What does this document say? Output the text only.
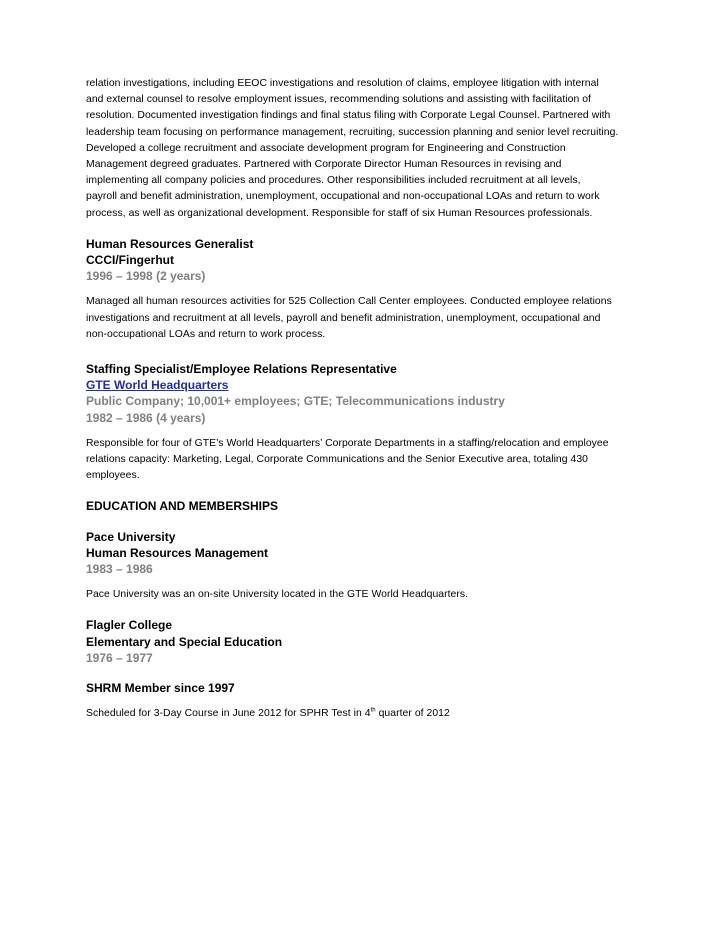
relation investigations, including EEOC investigations and resolution of claims, employee litigation with internal
and external counsel to resolve employment issues, recommending solutions and assisting with facilitation of
resolution. Documented investigation findings and final status filing with Corporate Legal Counsel. Partnered with
leadership team focusing on performance management, recruiting, succession planning and senior level recruiting.
Developed a college recruitment and associate development program for Engineering and Construction
Management degreed graduates. Partnered with Corporate Director Human Resources in revising and
implementing all company policies and procedures. Other responsibilities included recruitment at all levels,
payroll and benefit administration, unemployment, occupational and non-occupational LOAs and return to work
process, as well as organizational development. Responsible for staff of six Human Resources professionals.

Human Resources Generalist

CCCI/Fingerhut

1996 – 1998 (2 years)

Managed all human resources activities for 525 Collection Call Center employees. Conducted employee relations
investigations and recruitment at all levels, payroll and benefit administration, unemployment, occupational and
non-occupational LOAs and return to work process.

Staffing Specialist/Employee Relations Representative

GTE World Headquarters

Public Company; 10,001+ employees; GTE; Telecommunications industry

1982 – 1986 (4 years)

Responsible for four of GTE’s World Headquarters’ Corporate Departments in a staffing/relocation and employee
relations capacity: Marketing, Legal, Corporate Communications and the Senior Executive area, totaling 430
employees.

EDUCATION AND MEMBERSHIPS

Pace University

Human Resources Management

1983 – 1986

Pace University was an on-site University located in the GTE World Headquarters.

Flagler College

Elementary and Special Education

1976 – 1977

SHRM Member since 1997

Scheduled for 3-Day Course in June 2012 for SPHR Test in 4th quarter of 2012
